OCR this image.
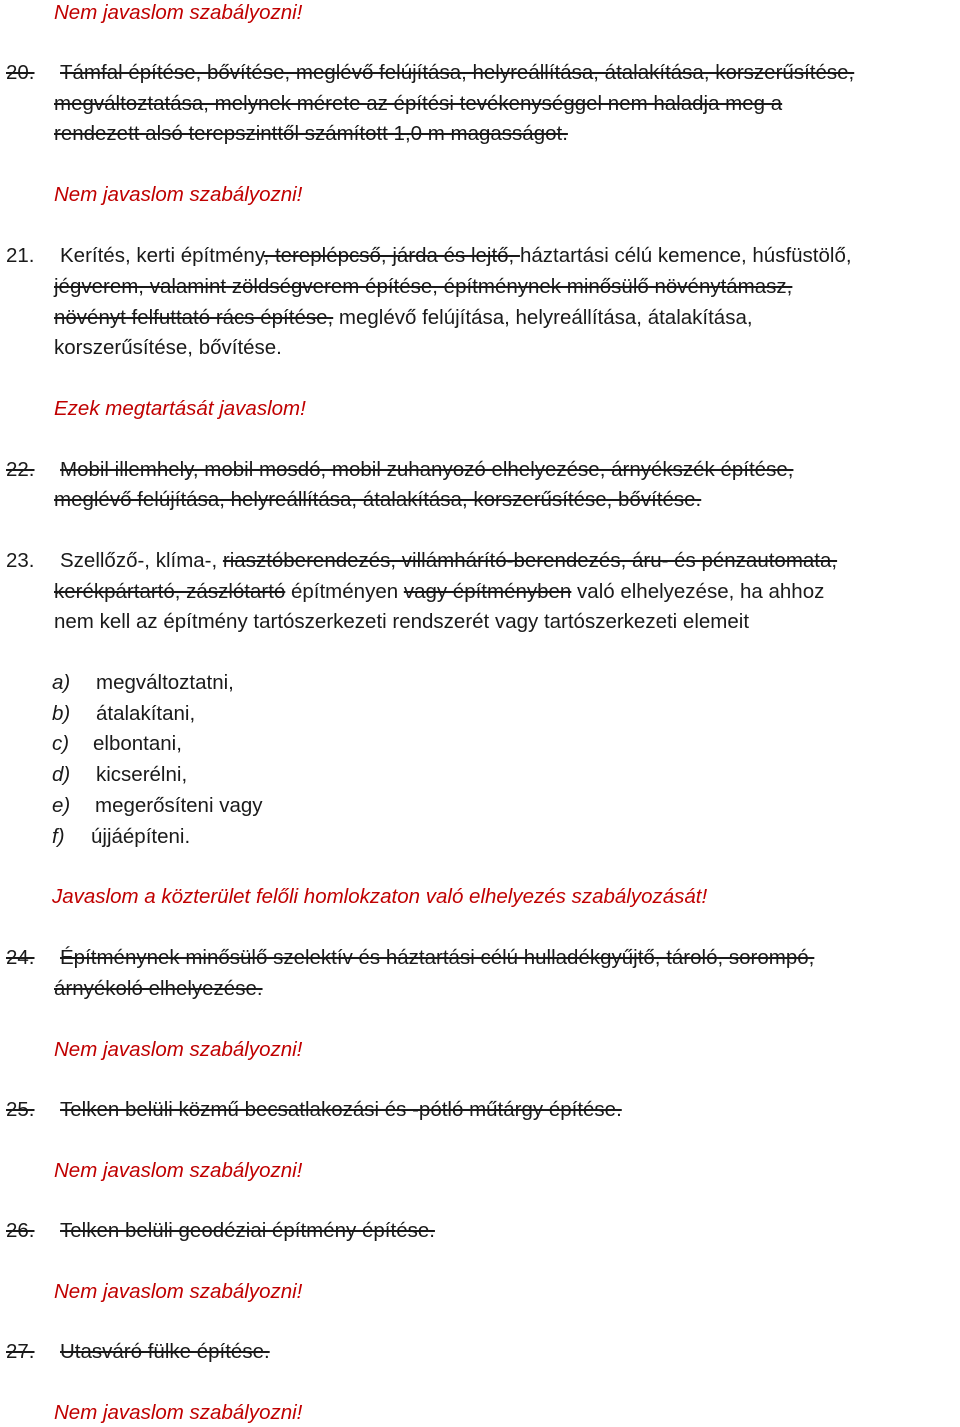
Nem javaslom szabályozni!
20. Támfal építése, bővítése, meglévő felújítása, helyreállítása, átalakítása, korszerűsítése,
megváltoztatása, melynek mérete az építési tevékenységgel nem haladja meg a
rendezett alsó terepszinttől számított 1,0 m magasságot.
Nem javaslom szabályozni!
21. Kerítés, kerti építmény, tereplépcső, járda és lejtő, háztartási célú kemence, húsfüstölő,
jégverem, valamint zöldségverem építése, építménynek minősülő növénytámasz,
növényt felfuttató rács építése, meglévő felújítása, helyreállítása, átalakítása,
korszerűsítése, bővítése.
Ezek megtartását javaslom!
22. Mobil illemhely, mobil mosdó, mobil zuhanyozó elhelyezése, árnyékszék építése,
meglévő felújítása, helyreállítása, átalakítása, korszerűsítése, bővítése.
23. Szellőző-, klíma-, riasztóberendezés, villámhárító-berendezés, áru- és pénzautomata,
kerékpártartó, zászlótartó építményen vagy építményben való elhelyezése, ha ahhoz
nem kell az építmény tartószerkezeti rendszerét vagy tartószerkezeti elemeit
a) megváltoztatni,
b) átalakítani,
c) elbontani,
d) kicserélni,
e) megerősíteni vagy
f) újjáépíteni.
Javaslom a közterület felőli homlokzaton való elhelyezés szabályozását!
24. Építménynek minősülő szelektív és háztartási célú hulladékgyűjtő, tároló, sorompó,
árnyékoló elhelyezése.
Nem javaslom szabályozni!
25. Telken belüli közmű becsatlakozási és -pótló műtárgy építése.
Nem javaslom szabályozni!
26. Telken belüli geodéziai építmény építése.
Nem javaslom szabályozni!
27. Utasváró fülke építése.
Nem javaslom szabályozni!
